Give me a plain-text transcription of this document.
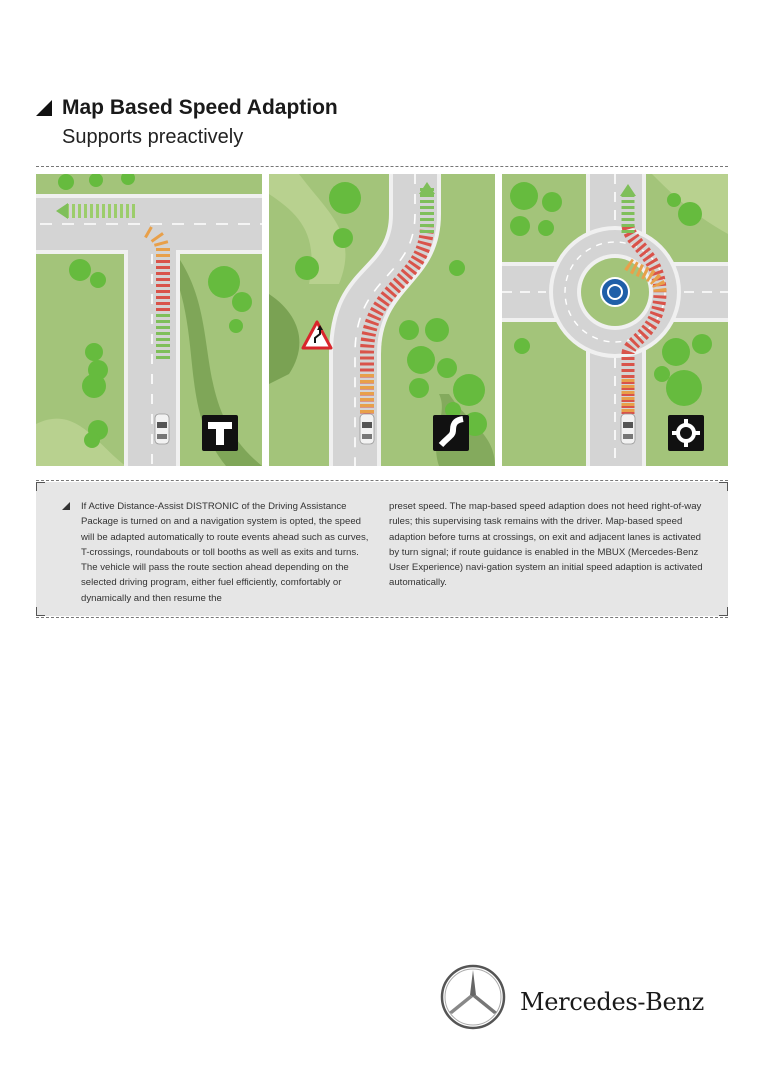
Map Based Speed Adaption
Supports preactively
If Active Distance-Assist DISTRONIC of the Driving Assistance Package is turned on and a navigation system is opted, the speed will be adapted automatically to route events ahead such as curves, T-crossings, roundabouts or toll booths as well as exits and turns. The vehicle will pass the route section ahead depending on the selected driving program, either fuel efficiently, comfortably or dynamically and then resume the
preset speed. The map-based speed adaption does not heed right-of-way rules; this supervising task remains with the driver. Map-based speed adaption before turns at crossings, on exit and adjacent lanes is activated by turn signal; if route guidance is enabled in the MBUX (Mercedes-Benz User Experience) navi-gation system an initial speed adaption is activated automatically.
Mercedes-Benz
